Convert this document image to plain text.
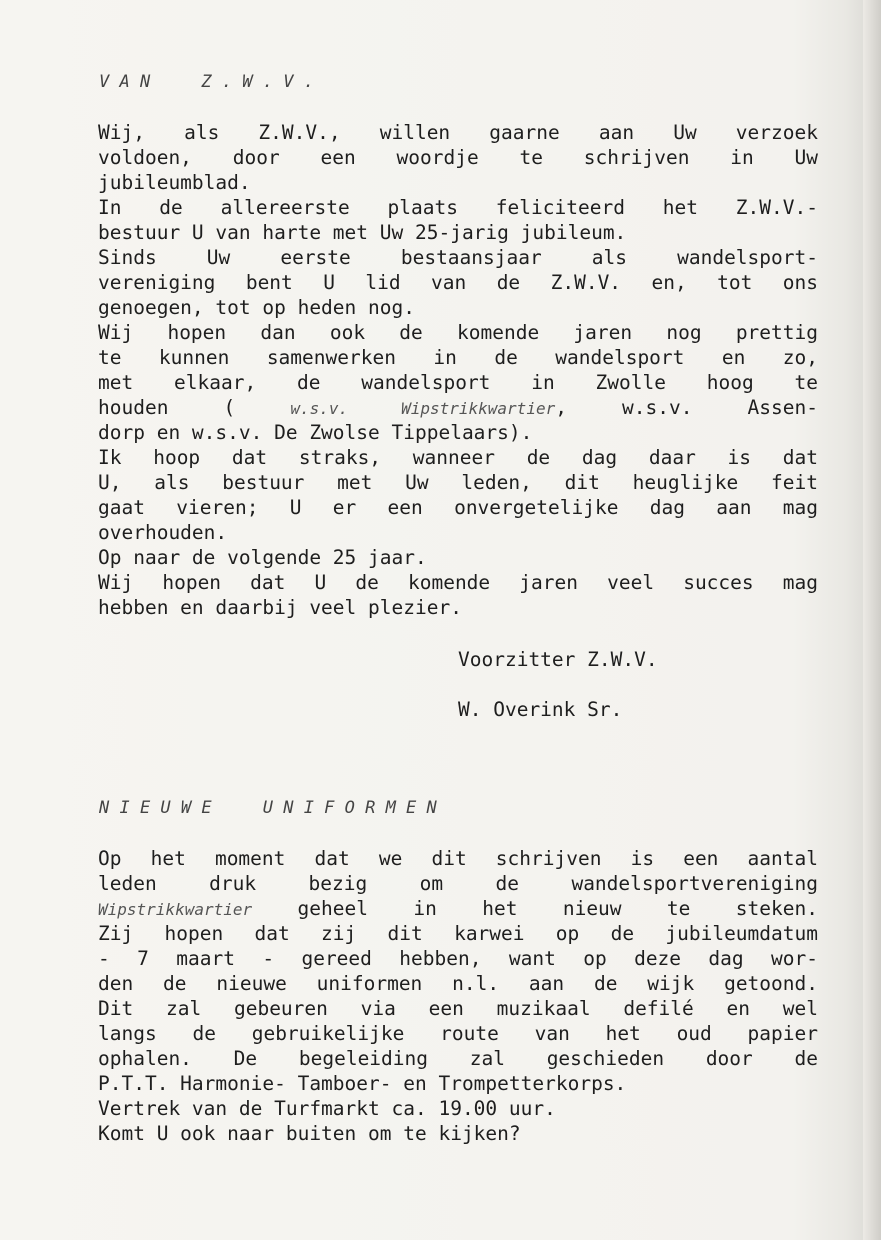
V A N     Z . W . V .
Wij, als Z.W.V., willen gaarne aan Uw verzoek
voldoen, door een woordje te schrijven in Uw
jubileumblad.
In de allereerste plaats feliciteerd het Z.W.V.-
bestuur U van harte met Uw 25-jarig jubileum.
Sinds Uw eerste bestaansjaar als wandelsport-
vereniging bent U lid van de Z.W.V. en, tot ons
genoegen, tot op heden nog.
Wij hopen dan ook de komende jaren nog prettig
te kunnen samenwerken in de wandelsport en zo,
met elkaar, de wandelsport in Zwolle hoog te
houden ( w.s.v. Wipstrikkwartier, w.s.v. Assen-
dorp en w.s.v. De Zwolse Tippelaars).
Ik hoop dat straks, wanneer de dag daar is dat
U, als bestuur met Uw leden, dit heuglijke feit
gaat vieren; U er een onvergetelijke dag aan mag
overhouden.
Op naar de volgende 25 jaar.
Wij hopen dat U de komende jaren veel succes mag
hebben en daarbij veel plezier.
Voorzitter Z.W.V.
W. Overink Sr.
N I E U W E     U N I F O R M E N
Op het moment dat we dit schrijven is een aantal
leden druk bezig om de wandelsportvereniging
Wipstrikkwartier geheel in het nieuw te steken.
Zij hopen dat zij dit karwei op de jubileumdatum
- 7 maart - gereed hebben, want op deze dag wor-
den de nieuwe uniformen n.l. aan de wijk getoond.
Dit zal gebeuren via een muzikaal defilé en wel
langs de gebruikelijke route van het oud papier
ophalen. De begeleiding zal geschieden door de
P.T.T. Harmonie- Tamboer- en Trompetterkorps.
Vertrek van de Turfmarkt ca. 19.00 uur.
Komt U ook naar buiten om te kijken?
